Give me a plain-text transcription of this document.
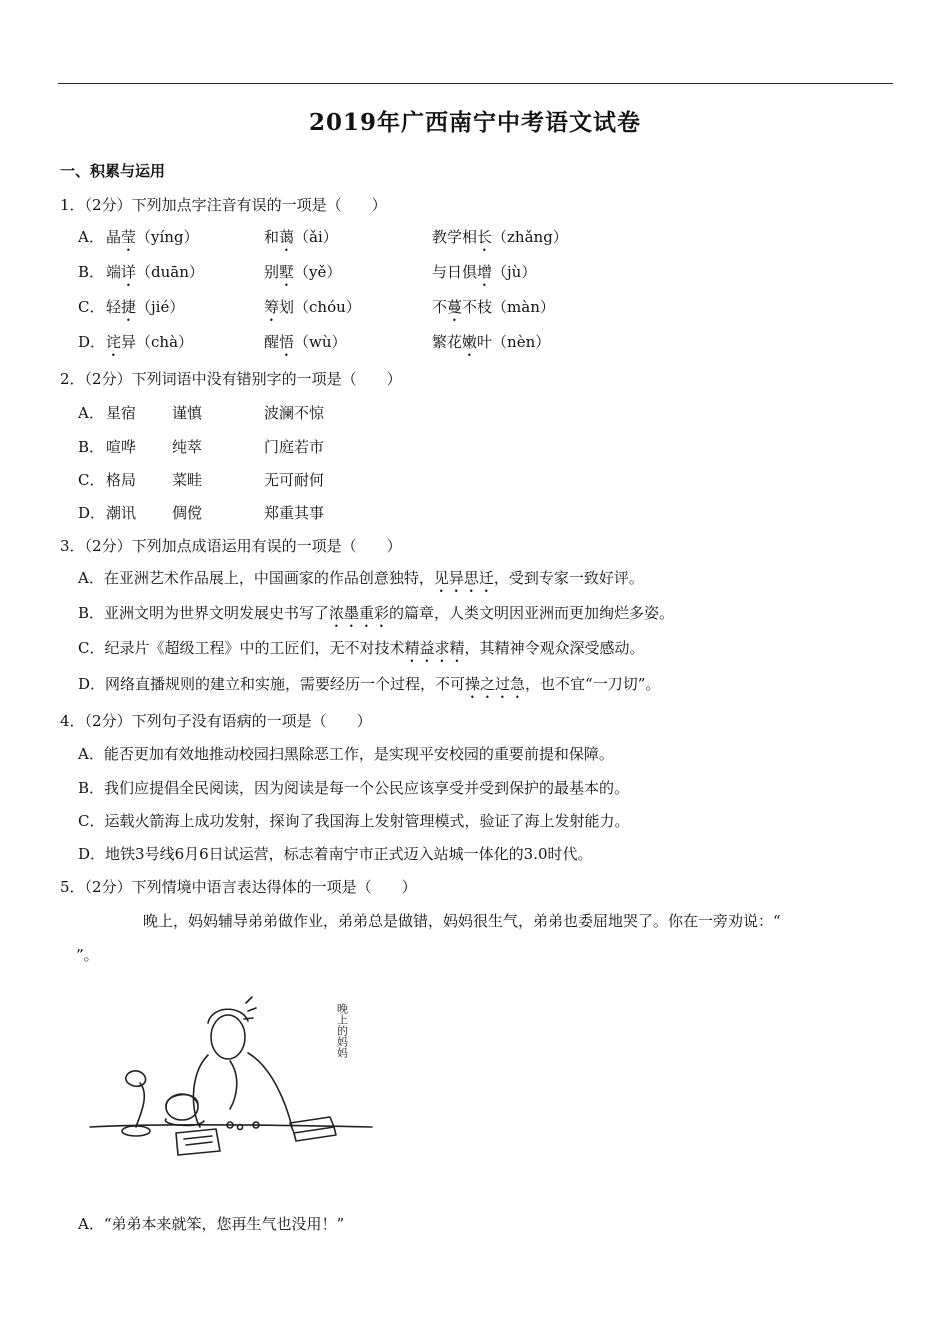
2019年广西南宁中考语文试卷
一、积累与运用
1．（2分）下列加点字注音有误的一项是（　　）
A． 晶莹（yíng）	和蔼（ǎi）	教学相长（zhǎng）
B． 端详（duān）	别墅（yě）	与日俱增（jù）
C． 轻捷（jié）	筹划（chóu）	不蔓不枝（màn）
D． 诧异（chà）	醒悟（wù）	繁花嫩叶（nèn）
2．（2分）下列词语中没有错别字的一项是（　　）
A． 星宿 谨慎	波澜不惊
B． 喧哗 纯萃	门庭若市
C． 格局 菜畦	无可耐何
D． 潮讯 倜傥	郑重其事
3．（2分）下列加点成语运用有误的一项是（　　）
A．在亚洲艺术作品展上，中国画家的作品创意独特，见异思迁，受到专家一致好评。
B．亚洲文明为世界文明发展史书写了浓墨重彩的篇章，人类文明因亚洲而更加绚烂多姿。
C．纪录片《超级工程》中的工匠们，无不对技术精益求精，其精神令观众深受感动。
D．网络直播规则的建立和实施，需要经历一个过程，不可操之过急，也不宜“一刀切”。
4．（2分）下列句子没有语病的一项是（　　）
A．能否更加有效地推动校园扫黑除恶工作，是实现平安校园的重要前提和保障。
B．我们应提倡全民阅读，因为阅读是每一个公民应该享受并受到保护的最基本的。
C．运载火箭海上成功发射，探询了我国海上发射管理模式，验证了海上发射能力。
D．地铁3号线6月6日试运营，标志着南宁市正式迈入站城一体化的3.0时代。
5．（2分）下列情境中语言表达得体的一项是（　　）
晚上，妈妈辅导弟弟做作业，弟弟总是做错，妈妈很生气，弟弟也委屈地哭了。你在一旁劝说：“
”。
晚上的妈妈
A．“弟弟本来就笨，您再生气也没用！”
